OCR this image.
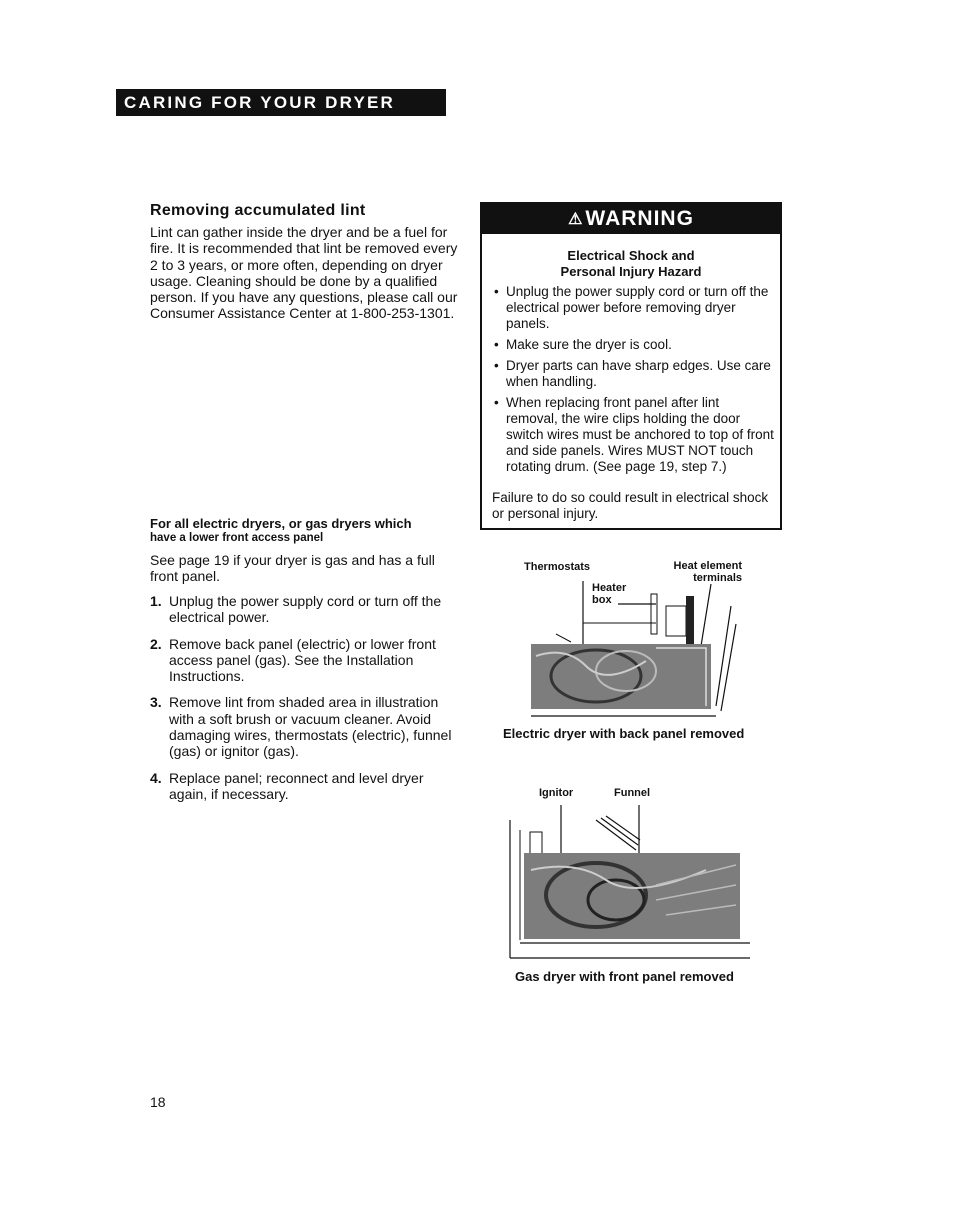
CARING FOR YOUR DRYER
Removing accumulated lint
Lint can gather inside the dryer and be a fuel for fire. It is recommended that lint be removed every 2 to 3 years, or more often, depending on dryer usage. Cleaning should be done by a qualified person. If you have any questions, please call our Consumer Assistance Center at 1-800-253-1301.
For all electric dryers, or gas dryers which
have a lower front access panel
See page 19 if your dryer is gas and has a full front panel.
1. Unplug the power supply cord or turn off the electrical power.
2. Remove back panel (electric) or lower front access panel (gas). See the Installation Instructions.
3. Remove lint from shaded area in illustration with a soft brush or vacuum cleaner. Avoid damaging wires, thermostats (electric), funnel (gas) or ignitor (gas).
4. Replace panel; reconnect and level dryer again, if necessary.
⚠WARNING
Electrical Shock and
Personal Injury Hazard
• Unplug the power supply cord or turn off the electrical power before removing dryer panels.
• Make sure the dryer is cool.
• Dryer parts can have sharp edges. Use care when handling.
• When replacing front panel after lint removal, the wire clips holding the door switch wires must be anchored to top of front and side panels. Wires MUST NOT touch rotating drum. (See page 19, step 7.)
Failure to do so could result in electrical shock or personal injury.
Thermostats	Heat element
terminals
Heater
box
Electric dryer with back panel removed
Ignitor	Funnel
Gas dryer with front panel removed
18
